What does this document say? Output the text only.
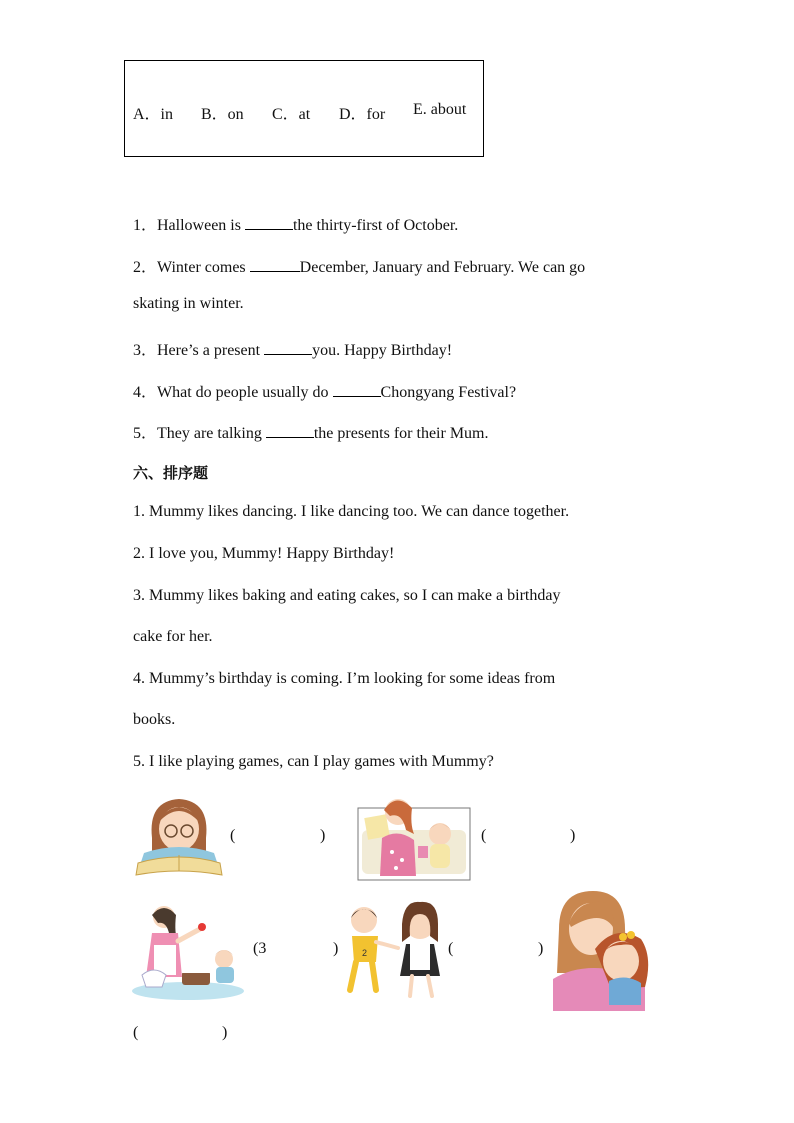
A．in B．on C．at D．for E. about
1．Halloween is	the thirty-first of October.
2．Winter comes	December, January and February. We can go
skating in winter.
3．Here’s a present	you. Happy Birthday!
4．What do people usually do	Chongyang Festival?
5．They are talking	the presents for their Mum.
六、排序题
1. Mummy likes dancing. I like dancing too. We can dance together.
2. I love you, Mummy! Happy Birthday!
3. Mummy likes baking and eating cakes, so I can make a birthday
cake for her.
4. Mummy’s birthday is coming. I’m looking for some ideas from
books.
5. I like playing games, can I play games with Mummy?
(	)	(	)
(3	)	2	(	)
(	)
